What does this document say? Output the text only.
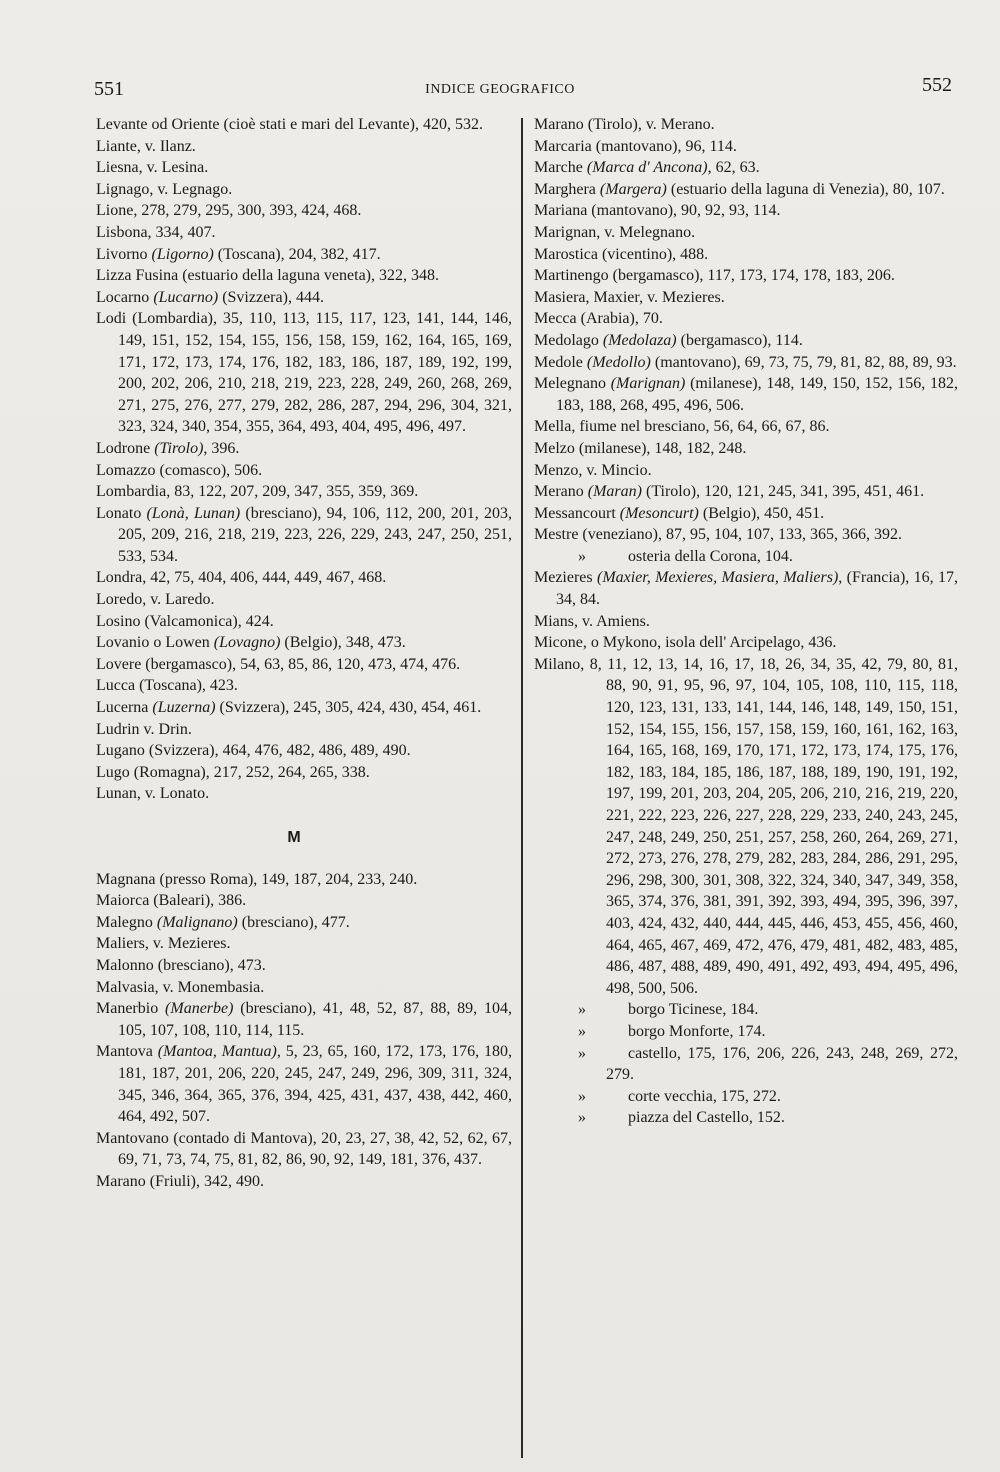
551	INDICE GEOGRAFICO	552

Levante od Oriente (cioè stati e mari del Levante), 420, 532.

Liante, v. Ilanz.

Liesna, v. Lesina.

Lignago, v. Legnago.

Lione, 278, 279, 295, 300, 393, 424, 468.

Lisbona, 334, 407.

Livorno (Ligorno) (Toscana), 204, 382, 417.

Lizza Fusina (estuario della laguna veneta), 322, 348.

Locarno (Lucarno) (Svizzera), 444.

Lodi (Lombardia), 35, 110, 113, 115, 117, 123, 141, 144, 146, 149, 151, 152, 154, 155, 156, 158, 159, 162, 164, 165, 169, 171, 172, 173, 174, 176, 182, 183, 186, 187, 189, 192, 199, 200, 202, 206, 210, 218, 219, 223, 228, 249, 260, 268, 269, 271, 275, 276, 277, 279, 282, 286, 287, 294, 296, 304, 321, 323, 324, 340, 354, 355, 364, 493, 404, 495, 496, 497.

Lodrone (Tirolo), 396.

Lomazzo (comasco), 506.

Lombardia, 83, 122, 207, 209, 347, 355, 359, 369.

Lonato (Lonà, Lunan) (bresciano), 94, 106, 112, 200, 201, 203, 205, 209, 216, 218, 219, 223, 226, 229, 243, 247, 250, 251, 533, 534.

Londra, 42, 75, 404, 406, 444, 449, 467, 468.

Loredo, v. Laredo.

Losino (Valcamonica), 424.

Lovanio o Lowen (Lovagno) (Belgio), 348, 473.

Lovere (bergamasco), 54, 63, 85, 86, 120, 473, 474, 476.

Lucca (Toscana), 423.

Lucerna (Luzerna) (Svizzera), 245, 305, 424, 430, 454, 461.

Ludrin v. Drin.

Lugano (Svizzera), 464, 476, 482, 486, 489, 490.

Lugo (Romagna), 217, 252, 264, 265, 338.

Lunan, v. Lonato.

M

Magnana (presso Roma), 149, 187, 204, 233, 240.

Maiorca (Baleari), 386.

Malegno (Malignano) (bresciano), 477.

Maliers, v. Mezieres.

Malonno (bresciano), 473.

Malvasia, v. Monembasia.

Manerbio (Manerbe) (bresciano), 41, 48, 52, 87, 88, 89, 104, 105, 107, 108, 110, 114, 115.

Mantova (Mantoa, Mantua), 5, 23, 65, 160, 172, 173, 176, 180, 181, 187, 201, 206, 220, 245, 247, 249, 296, 309, 311, 324, 345, 346, 364, 365, 376, 394, 425, 431, 437, 438, 442, 460, 464, 492, 507.

Mantovano (contado di Mantova), 20, 23, 27, 38, 42, 52, 62, 67, 69, 71, 73, 74, 75, 81, 82, 86, 90, 92, 149, 181, 376, 437.

Marano (Friuli), 342, 490.

Marano (Tirolo), v. Merano.

Marcaria (mantovano), 96, 114.

Marche (Marca d' Ancona), 62, 63.

Marghera (Margera) (estuario della laguna di Venezia), 80, 107.

Mariana (mantovano), 90, 92, 93, 114.

Marignan, v. Melegnano.

Marostica (vicentino), 488.

Martinengo (bergamasco), 117, 173, 174, 178, 183, 206.

Masiera, Maxier, v. Mezieres.

Mecca (Arabia), 70.

Medolago (Medolaza) (bergamasco), 114.

Medole (Medollo) (mantovano), 69, 73, 75, 79, 81, 82, 88, 89, 93.

Melegnano (Marignan) (milanese), 148, 149, 150, 152, 156, 182, 183, 188, 268, 495, 496, 506.

Mella, fiume nel bresciano, 56, 64, 66, 67, 86.

Melzo (milanese), 148, 182, 248.

Menzo, v. Mincio.

Merano (Maran) (Tirolo), 120, 121, 245, 341, 395, 451, 461.

Messancourt (Mesoncurt) (Belgio), 450, 451.

Mestre (veneziano), 87, 95, 104, 107, 133, 365, 366, 392.

»	osteria della Corona, 104.

Mezieres (Maxier, Mexieres, Masiera, Maliers), (Francia), 16, 17, 34, 84.

Mians, v. Amiens.

Micone, o Mykono, isola dell' Arcipelago, 436.

Milano, 8, 11, 12, 13, 14, 16, 17, 18, 26, 34, 35, 42, 79, 80, 81, 88, 90, 91, 95, 96, 97, 104, 105, 108, 110, 115, 118, 120, 123, 131, 133, 141, 144, 146, 148, 149, 150, 151, 152, 154, 155, 156, 157, 158, 159, 160, 161, 162, 163, 164, 165, 168, 169, 170, 171, 172, 173, 174, 175, 176, 182, 183, 184, 185, 186, 187, 188, 189, 190, 191, 192, 197, 199, 201, 203, 204, 205, 206, 210, 216, 219, 220, 221, 222, 223, 226, 227, 228, 229, 233, 240, 243, 245, 247, 248, 249, 250, 251, 257, 258, 260, 264, 269, 271, 272, 273, 276, 278, 279, 282, 283, 284, 286, 291, 295, 296, 298, 300, 301, 308, 322, 324, 340, 347, 349, 358, 365, 374, 376, 381, 391, 392, 393, 494, 395, 396, 397, 403, 424, 432, 440, 444, 445, 446, 453, 455, 456, 460, 464, 465, 467, 469, 472, 476, 479, 481, 482, 483, 485, 486, 487, 488, 489, 490, 491, 492, 493, 494, 495, 496, 498, 500, 506.

»	borgo Ticinese, 184.

»	borgo Monforte, 174.

»	castello, 175, 176, 206, 226, 243, 248, 269, 272, 279.

»	corte vecchia, 175, 272.

»	piazza del Castello, 152.
